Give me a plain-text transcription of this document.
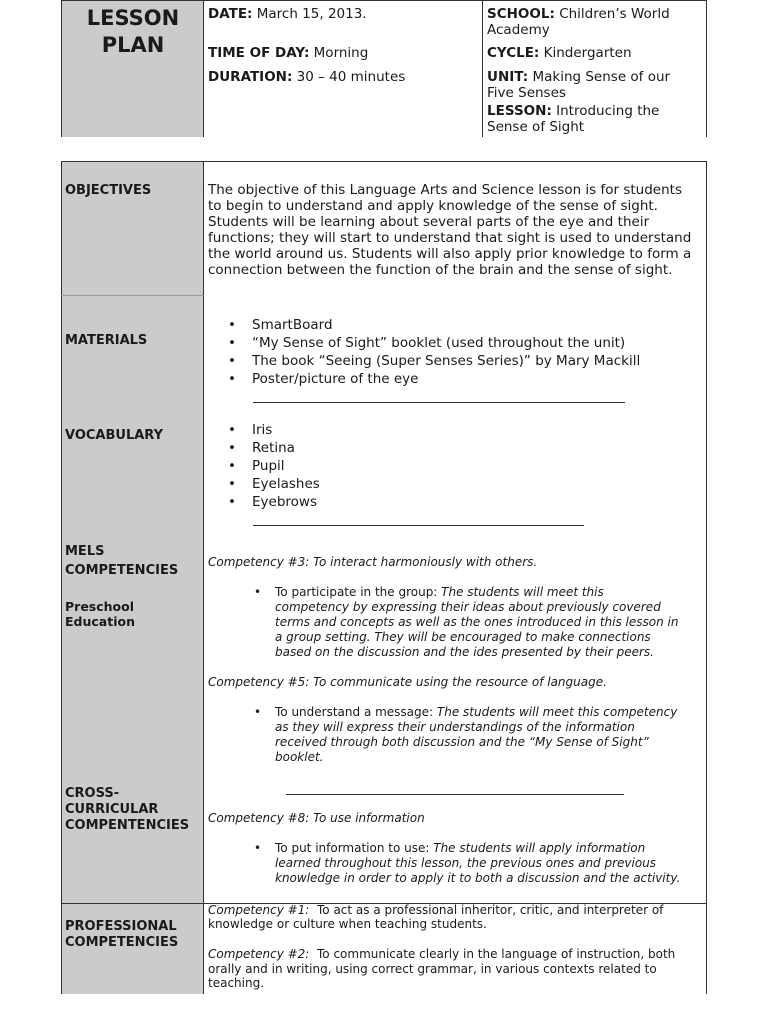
LESSON
PLAN
DATE: March 15, 2013.
TIME OF DAY: Morning
DURATION: 30 – 40 minutes
SCHOOL: Children’s World Academy
CYCLE: Kindergarten
UNIT: Making Sense of our Five Senses
LESSON: Introducing the Sense of Sight
OBJECTIVES	The objective of this Language Arts and Science lesson is for students
to begin to understand and apply knowledge of the sense of sight.
Students will be learning about several parts of the eye and their
functions; they will start to understand that sight is used to understand
the world around us. Students will also apply prior knowledge to form a
connection between the function of the brain and the sense of sight.
MATERIALS
• SmartBoard
• “My Sense of Sight” booklet (used throughout the unit)
• The book “Seeing (Super Senses Series)” by Mary Mackill
• Poster/picture of the eye
VOCABULARY	• Iris
• Retina
• Pupil
• Eyelashes
• Eyebrows
MELS
COMPETENCIES
Preschool
Education
Competency #3: To interact harmoniously with others.
• To participate in the group: The students will meet this
competency by expressing their ideas about previously covered
terms and concepts as well as the ones introduced in this lesson in
a group setting. They will be encouraged to make connections
based on the discussion and the ides presented by their peers.
Competency #5: To communicate using the resource of language.
• To understand a message: The students will meet this competency
as they will express their understandings of the information
received through both discussion and the “My Sense of Sight”
booklet.
CROSS-
CURRICULAR
COMPENTENCIES Competency #8: To use information
• To put information to use: The students will apply information
learned throughout this lesson, the previous ones and previous
knowledge in order to apply it to both a discussion and the activity.
PROFESSIONAL
COMPETENCIES
Competency #1: To act as a professional inheritor, critic, and interpreter of
knowledge or culture when teaching students.
Competency #2: To communicate clearly in the language of instruction, both
orally and in writing, using correct grammar, in various contexts related to
teaching.
